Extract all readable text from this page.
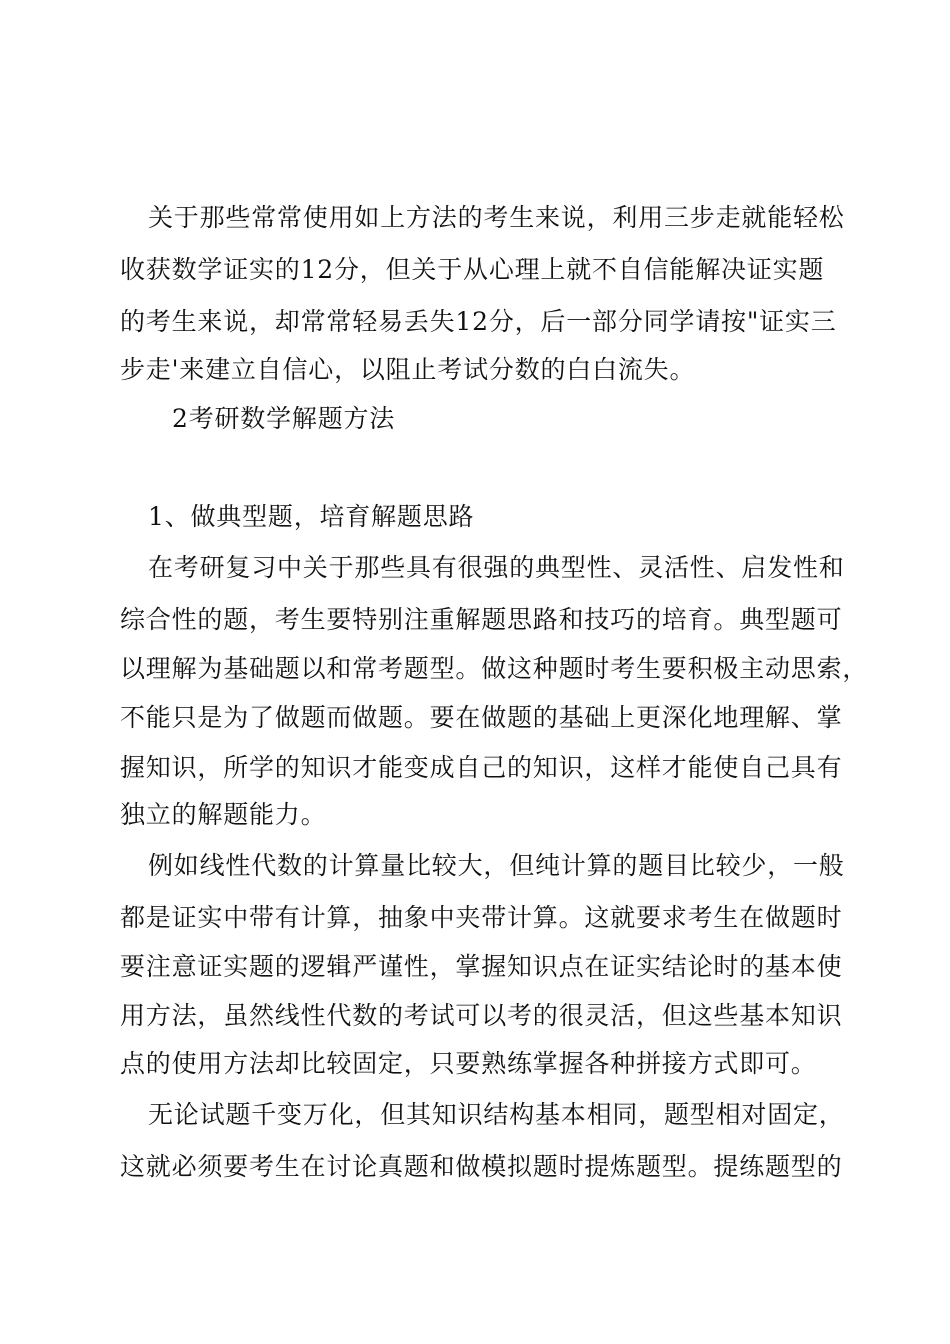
关于那些常常使用如上方法的考生来说，利用三步走就能轻松
收获数学证实的12分，但关于从心理上就不自信能解决证实题
的考生来说，却常常轻易丢失12分，后一部分同学请按"证实三
步走'来建立自信心，以阻止考试分数的白白流失。
2考研数学解题方法
1、做典型题，培育解题思路
在考研复习中关于那些具有很强的典型性、灵活性、启发性和
综合性的题，考生要特别注重解题思路和技巧的培育。典型题可
以理解为基础题以和常考题型。做这种题时考生要积极主动思索，
不能只是为了做题而做题。要在做题的基础上更深化地理解、掌
握知识，所学的知识才能变成自己的知识，这样才能使自己具有
独立的解题能力。
例如线性代数的计算量比较大，但纯计算的题目比较少，一般
都是证实中带有计算，抽象中夹带计算。这就要求考生在做题时
要注意证实题的逻辑严谨性，掌握知识点在证实结论时的基本使
用方法，虽然线性代数的考试可以考的很灵活，但这些基本知识
点的使用方法却比较固定，只要熟练掌握各种拼接方式即可。
无论试题千变万化，但其知识结构基本相同，题型相对固定，
这就必须要考生在讨论真题和做模拟题时提炼题型。提练题型的
